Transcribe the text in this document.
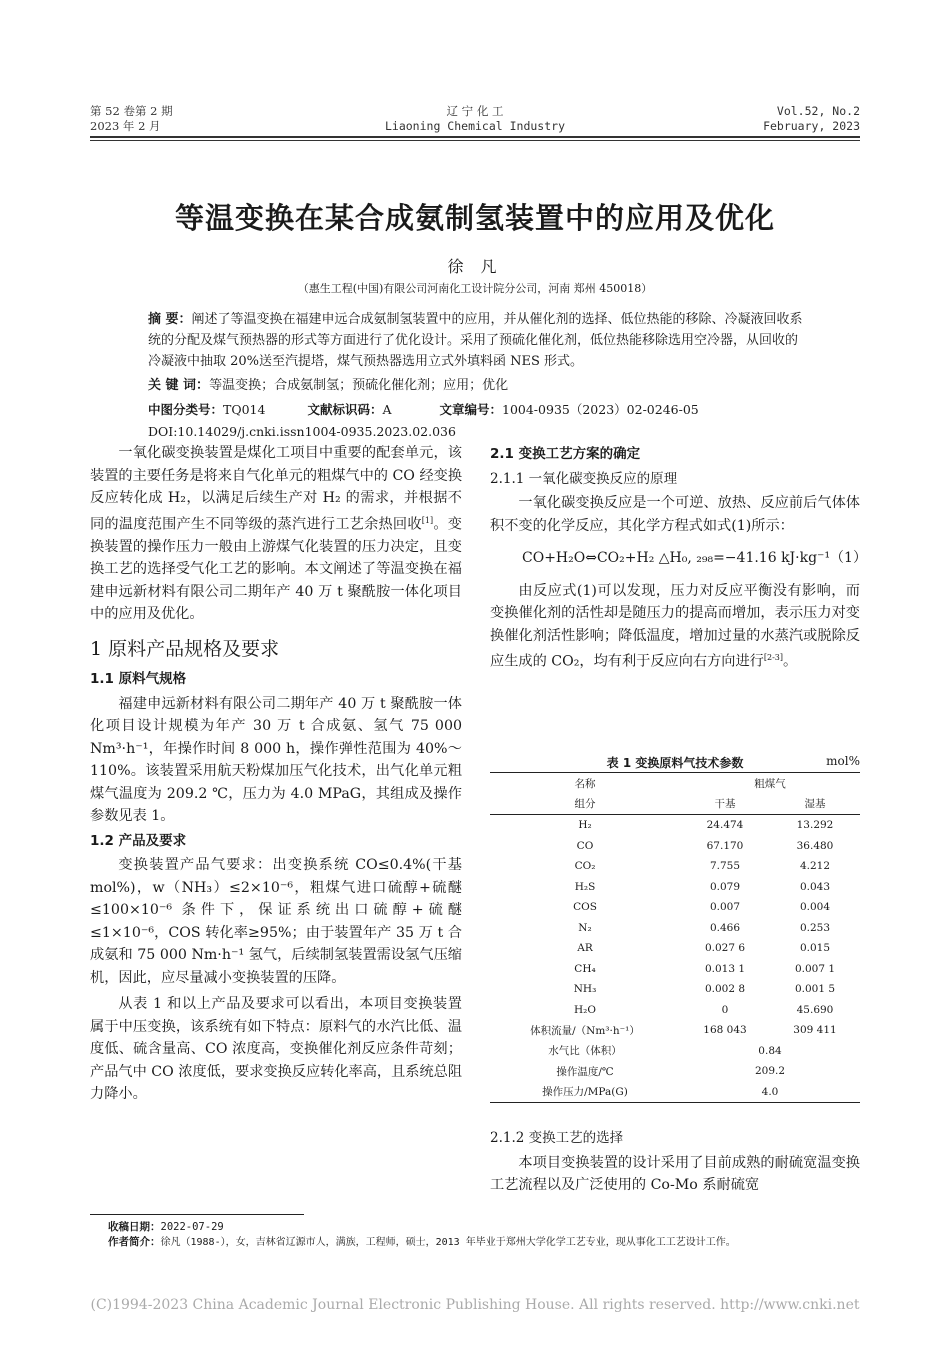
第 52 卷第 2 期
2023 年 2 月
辽 宁 化 工
Liaoning Chemical Industry
Vol.52, No.2
February, 2023
等温变换在某合成氨制氢装置中的应用及优化
徐 凡
（惠生工程(中国)有限公司河南化工设计院分公司，河南 郑州 450018）
摘 要：阐述了等温变换在福建申远合成氨制氢装置中的应用，并从催化剂的选择、低位热能的移除、冷凝液回收系统的分配及煤气预热器的形式等方面进行了优化设计。采用了预硫化催化剂，低位热能移除选用空冷器，从回收的冷凝液中抽取 20%送至汽提塔，煤气预热器选用立式外填料函 NES 形式。
关 键 词：等温变换；合成氨制氢；预硫化催化剂；应用；优化
中图分类号：TQ014	文献标识码：A	文章编号：1004-0935（2023）02-0246-05
DOI:10.14029/j.cnki.issn1004-0935.2023.02.036

一氧化碳变换装置是煤化工项目中重要的配套单元，该装置的主要任务是将来自气化单元的粗煤气中的 CO 经变换反应转化成 H₂，以满足后续生产对 H₂ 的需求，并根据不同的温度范围产生不同等级的蒸汽进行工艺余热回收[1]。变换装置的操作压力一般由上游煤气化装置的压力决定，且变换工艺的选择受气化工艺的影响。本文阐述了等温变换在福建申远新材料有限公司二期年产 40 万 t 聚酰胺一体化项目中的应用及优化。

1 原料产品规格及要求
1.1 原料气规格

福建申远新材料有限公司二期年产 40 万 t 聚酰胺一体化项目设计规模为年产 30 万 t 合成氨、氢气 75 000 Nm³·h⁻¹，年操作时间 8 000 h，操作弹性范围为 40%～110%。该装置采用航天粉煤加压气化技术，出气化单元粗煤气温度为 209.2 ℃，压力为 4.0 MPaG，其组成及操作参数见表 1。

1.2 产品及要求

变换装置产品气要求：出变换系统 CO≤0.4%(干基 mol%)，w（NH₃）≤2×10⁻⁶，粗煤气进口硫醇+硫醚≤100×10⁻⁶ 条件下，保证系统出口硫醇+硫醚≤1×10⁻⁶，COS 转化率≥95%；由于装置年产 35 万 t 合成氨和 75 000 Nm·h⁻¹ 氢气，后续制氢装置需设氢气压缩机，因此，应尽量减小变换装置的压降。

从表 1 和以上产品及要求可以看出，本项目变换装置属于中压变换，该系统有如下特点：原料气的水汽比低、温度低、硫含量高、CO 浓度高，变换催化剂反应条件苛刻；产品气中 CO 浓度低，要求变换反应转化率高，且系统总阻力降小。

2.1 变换工艺方案的确定
2.1.1 一氧化碳变换反应的原理

一氧化碳变换反应是一个可逆、放热、反应前后气体体积不变的化学反应，其化学方程式如式(1)所示：

CO+H₂O⇔CO₂+H₂ △H₀, ₂₉₈=−41.16 kJ·kg⁻¹（1）

由反应式(1)可以发现，压力对反应平衡没有影响，而变换催化剂的活性却是随压力的提高而增加，表示压力对变换催化剂活性影响；降低温度，增加过量的水蒸汽或脱除反应生成的 CO₂，均有利于反应向右方向进行[2-3]。

表 1 变换原料气技术参数	mol%
名称	粗煤气	
组分	干基	湿基
H₂	24.474	13.292
CO	67.170	36.480
CO₂	7.755	4.212
H₂S	0.079	0.043
COS	0.007	0.004
N₂	0.466	0.253
AR	0.027 6	0.015
CH₄	0.013 1	0.007 1
NH₃	0.002 8	0.001 5
H₂O	0	45.690
体积流量/（Nm³·h⁻¹）	168 043	309 411
水气比（体积）	0.84	
操作温度/℃	209.2	
操作压力/MPa(G)	4.0	
2.1.2 变换工艺的选择

本项目变换装置的设计采用了目前成熟的耐硫宽温变换工艺流程以及广泛使用的 Co-Mo 系耐硫宽

收稿日期：2022-07-29
作者简介：徐凡（1988-），女，吉林省辽源市人，满族，工程师，硕士，2013 年毕业于郑州大学化学工艺专业，现从事化工工艺设计工作。
(C)1994-2023 China Academic Journal Electronic Publishing House. All rights reserved. http://www.cnki.net
